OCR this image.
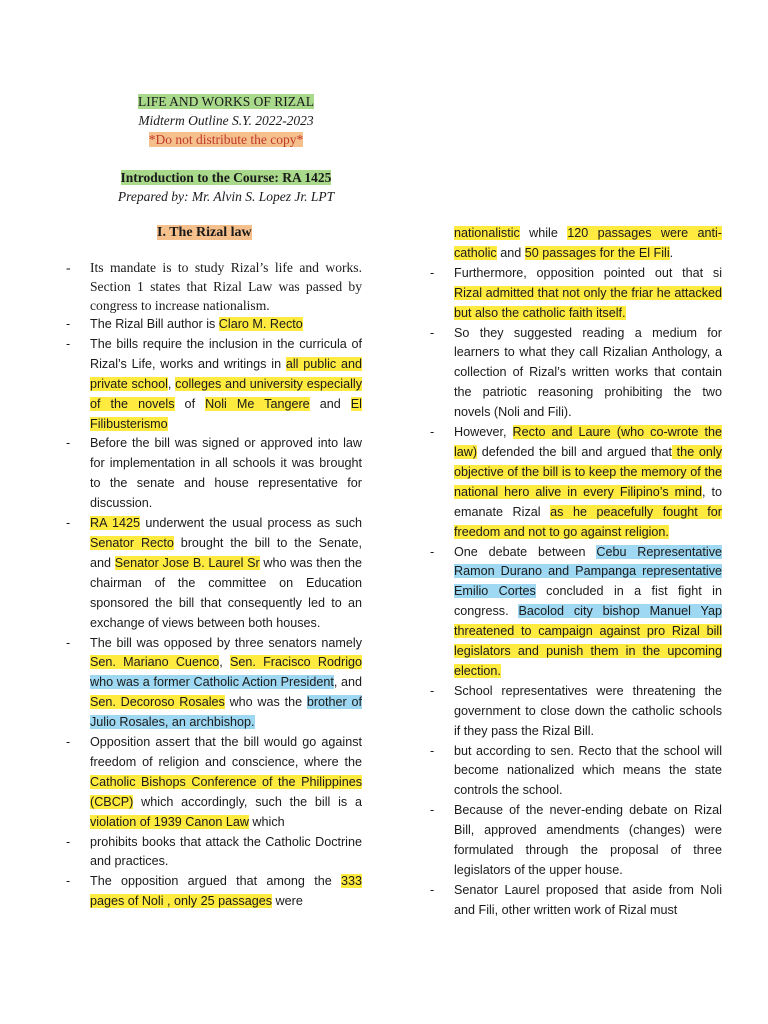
LIFE AND WORKS OF RIZAL
Midterm Outline S.Y. 2022-2023
*Do not distribute the copy*
Introduction to the Course: RA 1425
Prepared by: Mr. Alvin S. Lopez Jr. LPT
I. The Rizal law
- Its mandate is to study Rizal’s life and works. Section 1 states that Rizal Law was passed by congress to increase nationalism.
- The Rizal Bill author is Claro M. Recto
- The bills require the inclusion in the curricula of Rizal’s Life, works and writings in all public and private school, colleges and university especially of the novels of Noli Me Tangere and El Filibusterismo
- Before the bill was signed or approved into law for implementation in all schools it was brought to the senate and house representative for discussion.
- RA 1425 underwent the usual process as such Senator Recto brought the bill to the Senate, and Senator Jose B. Laurel Sr who was then the chairman of the committee on Education sponsored the bill that consequently led to an exchange of views between both houses.
- The bill was opposed by three senators namely Sen. Mariano Cuenco, Sen. Fracisco Rodrigo who was a former Catholic Action President, and Sen. Decoroso Rosales who was the brother of Julio Rosales, an archbishop.
- Opposition assert that the bill would go against freedom of religion and conscience, where the Catholic Bishops Conference of the Philippines (CBCP) which accordingly, such the bill is a violation of 1939 Canon Law which
- prohibits books that attack the Catholic Doctrine and practices.
- The opposition argued that among the 333 pages of Noli , only 25 passages were
nationalistic while 120 passages were anti-catholic and 50 passages for the El Fili.
- Furthermore, opposition pointed out that si Rizal admitted that not only the friar he attacked but also the catholic faith itself.
- So they suggested reading a medium for learners to what they call Rizalian Anthology, a collection of Rizal’s written works that contain the patriotic reasoning prohibiting the two novels (Noli and Fili).
- However, Recto and Laure (who co-wrote the law) defended the bill and argued that the only objective of the bill is to keep the memory of the national hero alive in every Filipino’s mind, to emanate Rizal as he peacefully fought for freedom and not to go against religion.
- One debate between Cebu Representative Ramon Durano and Pampanga representative Emilio Cortes concluded in a fist fight in congress. Bacolod city bishop Manuel Yap threatened to campaign against pro Rizal bill legislators and punish them in the upcoming election.
- School representatives were threatening the government to close down the catholic schools if they pass the Rizal Bill.
- but according to sen. Recto that the school will become nationalized which means the state controls the school.
- Because of the never-ending debate on Rizal Bill, approved amendments (changes) were formulated through the proposal of three legislators of the upper house.
- Senator Laurel proposed that aside from Noli and Fili, other written work of Rizal must
